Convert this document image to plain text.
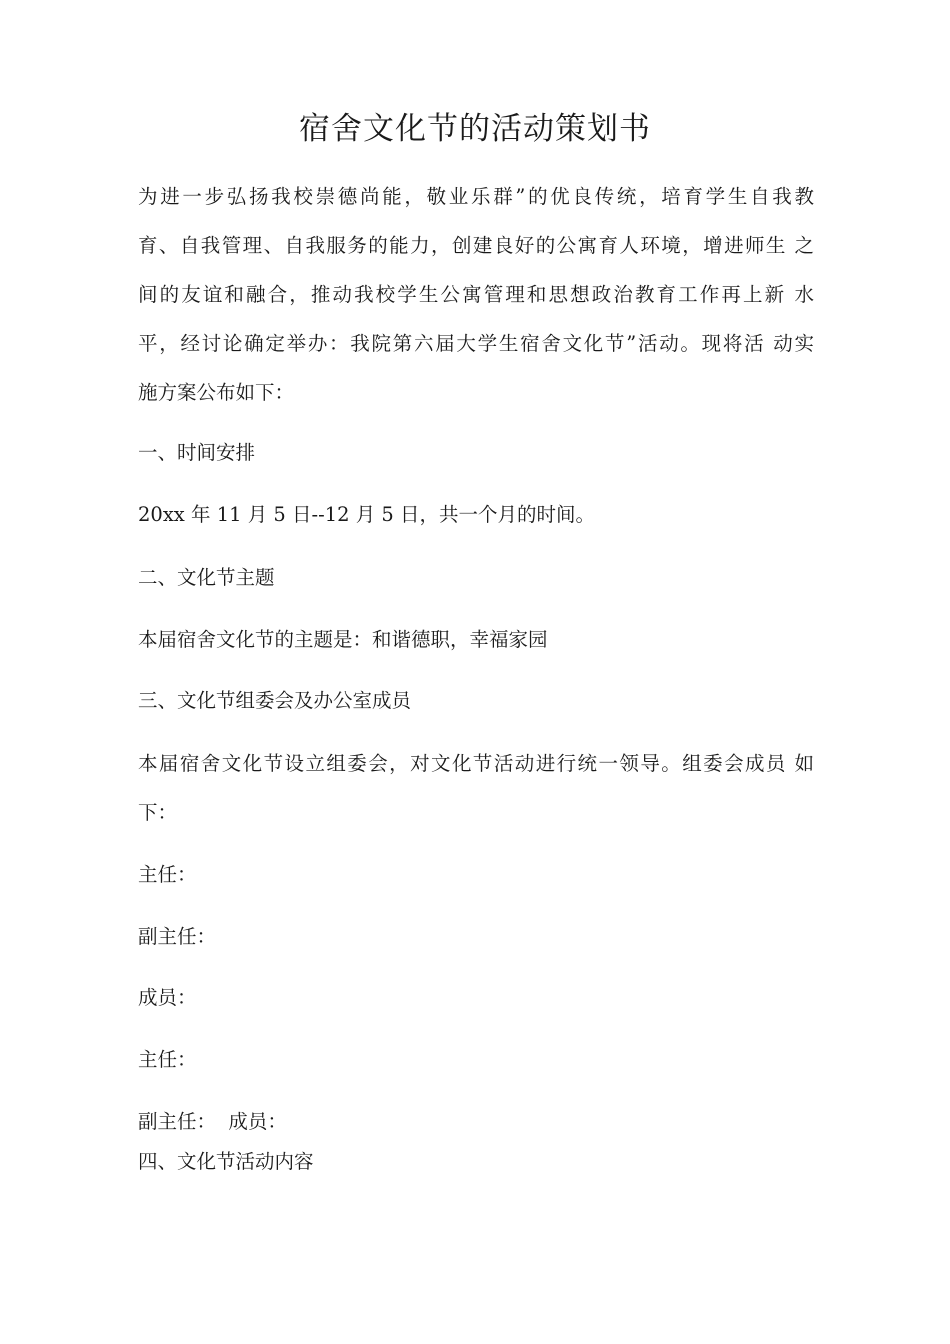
宿舍文化节的活动策划书
为进一步弘扬我校崇德尚能，敬业乐群”的优良传统，培育学生自我教
育、自我管理、自我服务的能力，创建良好的公寓育人环境，增进师生 之
间的友谊和融合，推动我校学生公寓管理和思想政治教育工作再上新 水
平，经讨论确定举办：我院第六届大学生宿舍文化节”活动。现将活 动实
施方案公布如下：
一、时间安排
20xx 年 11 月 5 日--12 月 5 日，共一个月的时间。
二、文化节主题
本届宿舍文化节的主题是：和谐德职，幸福家园
三、文化节组委会及办公室成员
本届宿舍文化节设立组委会，对文化节活动进行统一领导。组委会成员 如
下：
主任：
副主任：
成员：
主任：
副主任：  成员：
四、文化节活动内容
